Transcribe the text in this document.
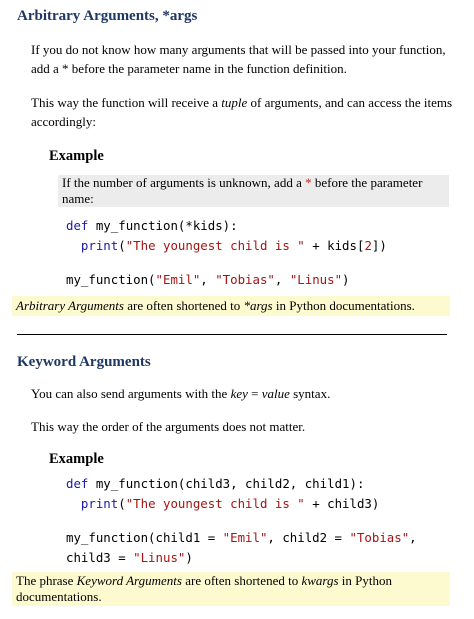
Arbitrary Arguments, *args
If you do not know how many arguments that will be passed into your function,
add a * before the parameter name in the function definition.
This way the function will receive a tuple of arguments, and can access the items
accordingly:
Example
If the number of arguments is unknown, add a * before the parameter
name:
def my_function(*kids):
print("The youngest child is " + kids[2])
my_function("Emil", "Tobias", "Linus")
Arbitrary Arguments are often shortened to *args in Python documentations.
Keyword Arguments
You can also send arguments with the key = value syntax.
This way the order of the arguments does not matter.
Example
def my_function(child3, child2, child1):
print("The youngest child is " + child3)
my_function(child1 = "Emil", child2 = "Tobias",
child3 = "Linus")
The phrase Keyword Arguments are often shortened to kwargs in Python
documentations.
